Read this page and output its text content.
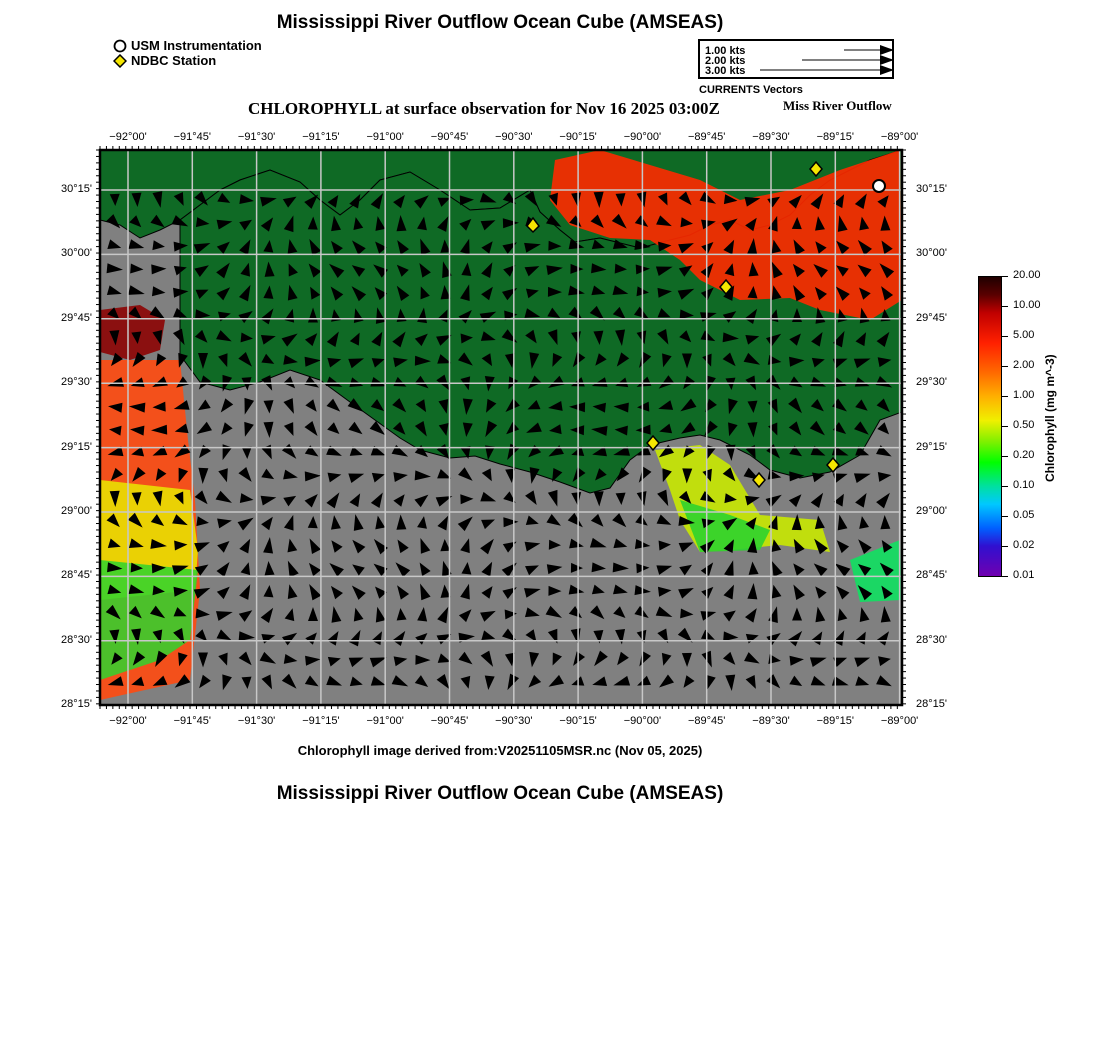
Mississippi River Outflow Ocean Cube (AMSEAS)
USM Instrumentation
NDBC Station
1.00 kts
2.00 kts
3.00 kts
CURRENTS Vectors
CHLOROPHYLL at surface observation for Nov 16 2025 03:00Z	Miss River Outflow
Chlorophyll (mg m^-3)
Chlorophyll image derived from:V20251105MSR.nc (Nov 05, 2025)
Mississippi River Outflow Ocean Cube (AMSEAS)
−92°00'
−92°00'
−91°45'
−91°45'
−91°30'
−91°30'
−91°15'
−91°15'
−91°00'
−91°00'
−90°45'
−90°45'
−90°30'
−90°30'
−90°15'
−90°15'
−90°00'
−90°00'
−89°45'
−89°45'
−89°30'
−89°30'
−89°15'
−89°15'
−89°00'
−89°00'
30°15'	30°15'
30°00'	30°00'
29°45'	29°45'
29°30'	29°30'
29°15'	29°15'
29°00'	29°00'
28°45'	28°45'
28°30'	28°30'
28°15'	28°15'
20.00
10.00
5.00
2.00
1.00
0.50
0.20
0.10
0.05
0.02
0.01
